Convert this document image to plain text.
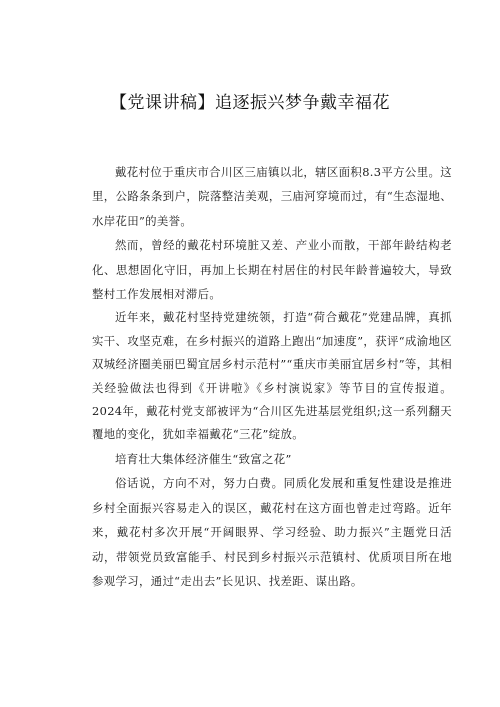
【党课讲稿】追逐振兴梦争戴幸福花

戴花村位于重庆市合川区三庙镇以北，辖区面积8.3平方公里。这里，公路条条到户，院落整洁美观，三庙河穿境而过，有“生态湿地、水岸花田”的美誉。

然而，曾经的戴花村环境脏又差、产业小而散，干部年龄结构老化、思想固化守旧，再加上长期在村居住的村民年龄普遍较大，导致整村工作发展相对滞后。

近年来，戴花村坚持党建统领，打造“荷合戴花”党建品牌，真抓实干、攻坚克难，在乡村振兴的道路上跑出“加速度”，获评“成渝地区双城经济圈美丽巴蜀宜居乡村示范村”“重庆市美丽宜居乡村”等，其相关经验做法也得到《开讲啦》《乡村演说家》等节目的宣传报道。2024年，戴花村党支部被评为“合川区先进基层党组织;这一系列翻天覆地的变化，犹如幸福戴花“三花”绽放。

培育壮大集体经济催生“致富之花”

俗话说，方向不对，努力白费。同质化发展和重复性建设是推进乡村全面振兴容易走入的误区，戴花村在这方面也曾走过弯路。近年来，戴花村多次开展“开阔眼界、学习经验、助力振兴”主题党日活动，带领党员致富能手、村民到乡村振兴示范镇村、优质项目所在地参观学习，通过“走出去”长见识、找差距、谋出路。
